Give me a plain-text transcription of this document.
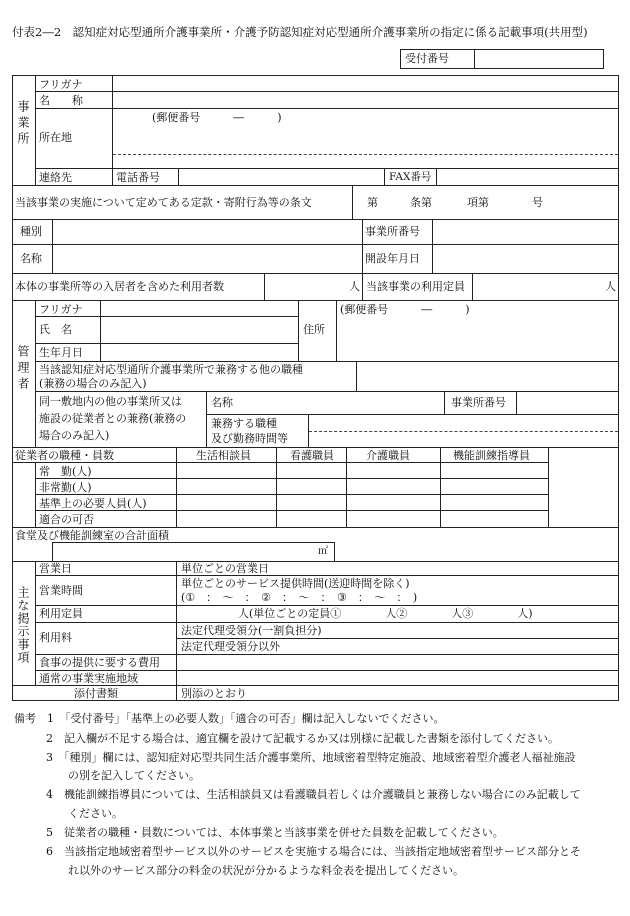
付表2―2　認知症対応型通所介護事業所・介護予防認知症対応型通所介護事業所の指定に係る記載事項(共用型)
受付番号
事業所
フリガナ
名　　称
所在地
(郵便番号　　　―　　　)
連絡先	電話番号	FAX番号
当該事業の実施について定めてある定款・寄附行為等の条文	第	条第	項第	号
種別	事業所番号
名称	開設年月日
本体の事業所等の入居者を含めた利用者数	人 当該事業の利用定員	人
管理者
フリガナ
氏　名
生年月日
住所
(郵便番号　　　―　　　)
当該認知症対応型通所介護事業所で兼務する他の職種
(兼務の場合のみ記入)
同一敷地内の他の事業所又は
施設の従業者との兼務(兼務の
場合のみ記入)
名称	事業所番号
兼務する職種
及び勤務時間等
従業者の職種・員数	生活相談員	看護職員	介護職員	機能訓練指導員
常　勤(人)
非常勤(人)
基準上の必要人員(人)
適合の可否
食堂及び機能訓練室の合計面積
㎡
主な掲示事項
営業日	単位ごとの営業日
営業時間
単位ごとのサービス提供時間(送迎時間を除く)
(①　：　～　：　②　：　～　：　③　：　～　：　)
利用定員	人(単位ごとの定員①　　　　人②　　　　人③　　　　人)
利用料
法定代理受領分(一割負担分)
法定代理受領分以外
食事の提供に要する費用
通常の事業実施地域
添付書類	別添のとおり
備考　1　「受付番号」「基準上の必要人数」「適合の可否」欄は記入しないでください。
2　記入欄が不足する場合は、適宜欄を設けて記載するか又は別様に記載した書類を添付してください。
3　「種別」欄には、認知症対応型共同生活介護事業所、地域密着型特定施設、地域密着型介護老人福祉施設
の別を記入してください。
4　機能訓練指導員については、生活相談員又は看護職員若しくは介護職員と兼務しない場合にのみ記載して
ください。
5　従業者の職種・員数については、本体事業と当該事業を併せた員数を記載してください。
6　当該指定地域密着型サービス以外のサービスを実施する場合には、当該指定地域密着型サービス部分とそ
れ以外のサービス部分の料金の状況が分かるような料金表を提出してください。
